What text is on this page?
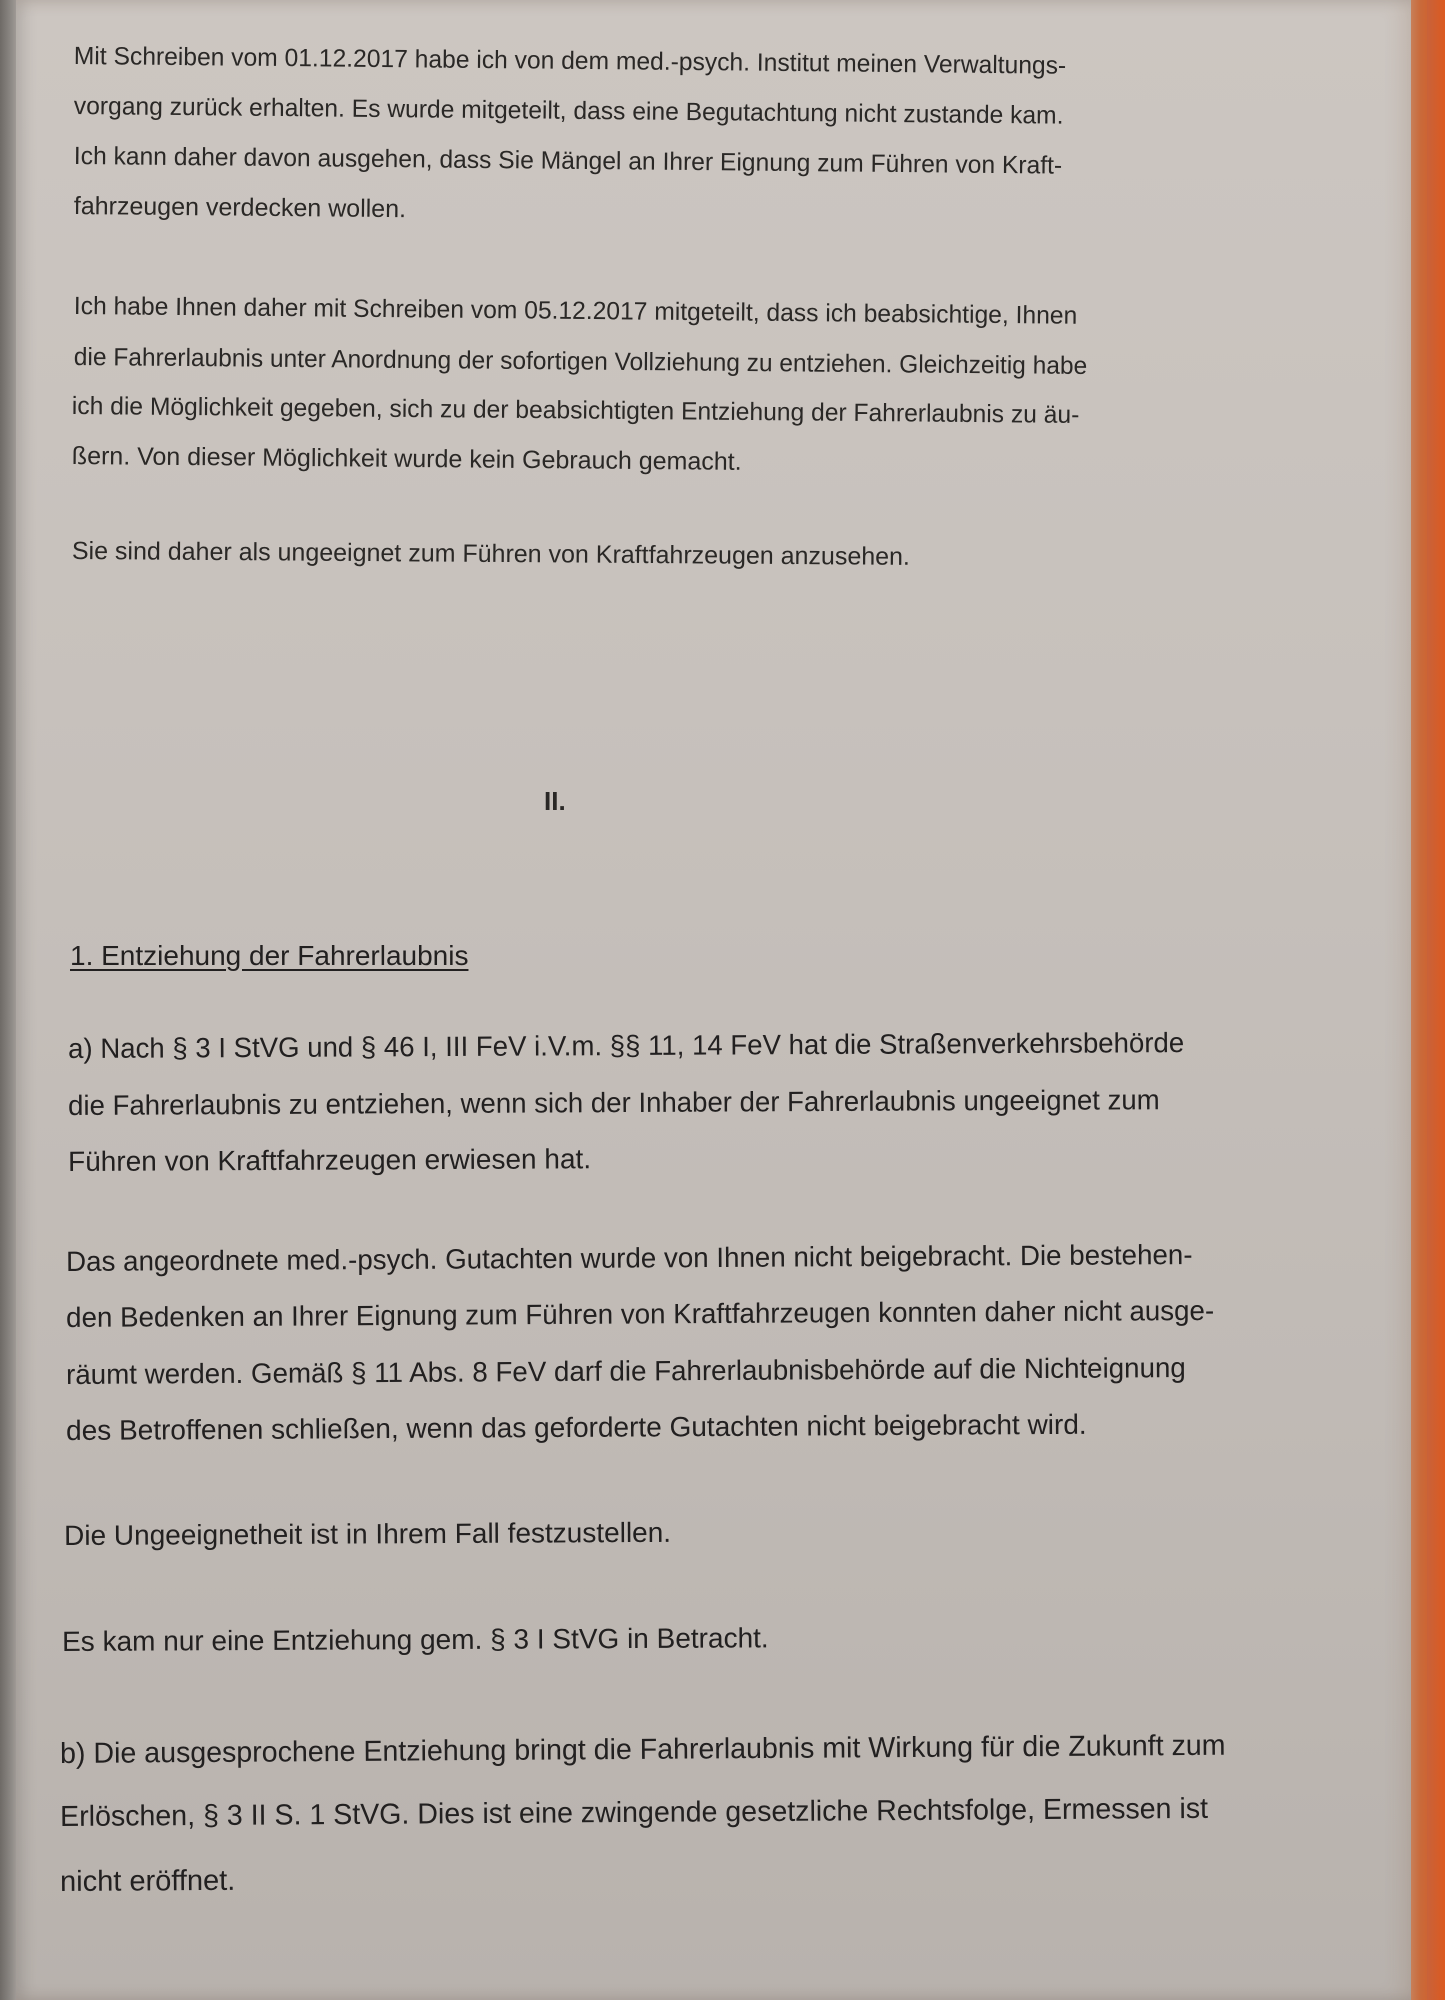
Mit Schreiben vom 01.12.2017 habe ich von dem med.-psych. Institut meinen Verwaltungs-
vorgang zurück erhalten. Es wurde mitgeteilt, dass eine Begutachtung nicht zustande kam.
Ich kann daher davon ausgehen, dass Sie Mängel an Ihrer Eignung zum Führen von Kraft-
fahrzeugen verdecken wollen.
Ich habe Ihnen daher mit Schreiben vom 05.12.2017 mitgeteilt, dass ich beabsichtige, Ihnen
die Fahrerlaubnis unter Anordnung der sofortigen Vollziehung zu entziehen. Gleichzeitig habe
ich die Möglichkeit gegeben, sich zu der beabsichtigten Entziehung der Fahrerlaubnis zu äu-
ßern. Von dieser Möglichkeit wurde kein Gebrauch gemacht.
Sie sind daher als ungeeignet zum Führen von Kraftfahrzeugen anzusehen.
II.
1. Entziehung der Fahrerlaubnis
a) Nach § 3 I StVG und § 46 I, III FeV i.V.m. §§ 11, 14 FeV hat die Straßenverkehrsbehörde
die Fahrerlaubnis zu entziehen, wenn sich der Inhaber der Fahrerlaubnis ungeeignet zum
Führen von Kraftfahrzeugen erwiesen hat.
Das angeordnete med.-psych. Gutachten wurde von Ihnen nicht beigebracht. Die bestehen-
den Bedenken an Ihrer Eignung zum Führen von Kraftfahrzeugen konnten daher nicht ausge-
räumt werden. Gemäß § 11 Abs. 8 FeV darf die Fahrerlaubnisbehörde auf die Nichteignung
des Betroffenen schließen, wenn das geforderte Gutachten nicht beigebracht wird.
Die Ungeeignetheit ist in Ihrem Fall festzustellen.
Es kam nur eine Entziehung gem. § 3 I StVG in Betracht.
b) Die ausgesprochene Entziehung bringt die Fahrerlaubnis mit Wirkung für die Zukunft zum
Erlöschen, § 3 II S. 1 StVG. Dies ist eine zwingende gesetzliche Rechtsfolge, Ermessen ist
nicht eröffnet.
